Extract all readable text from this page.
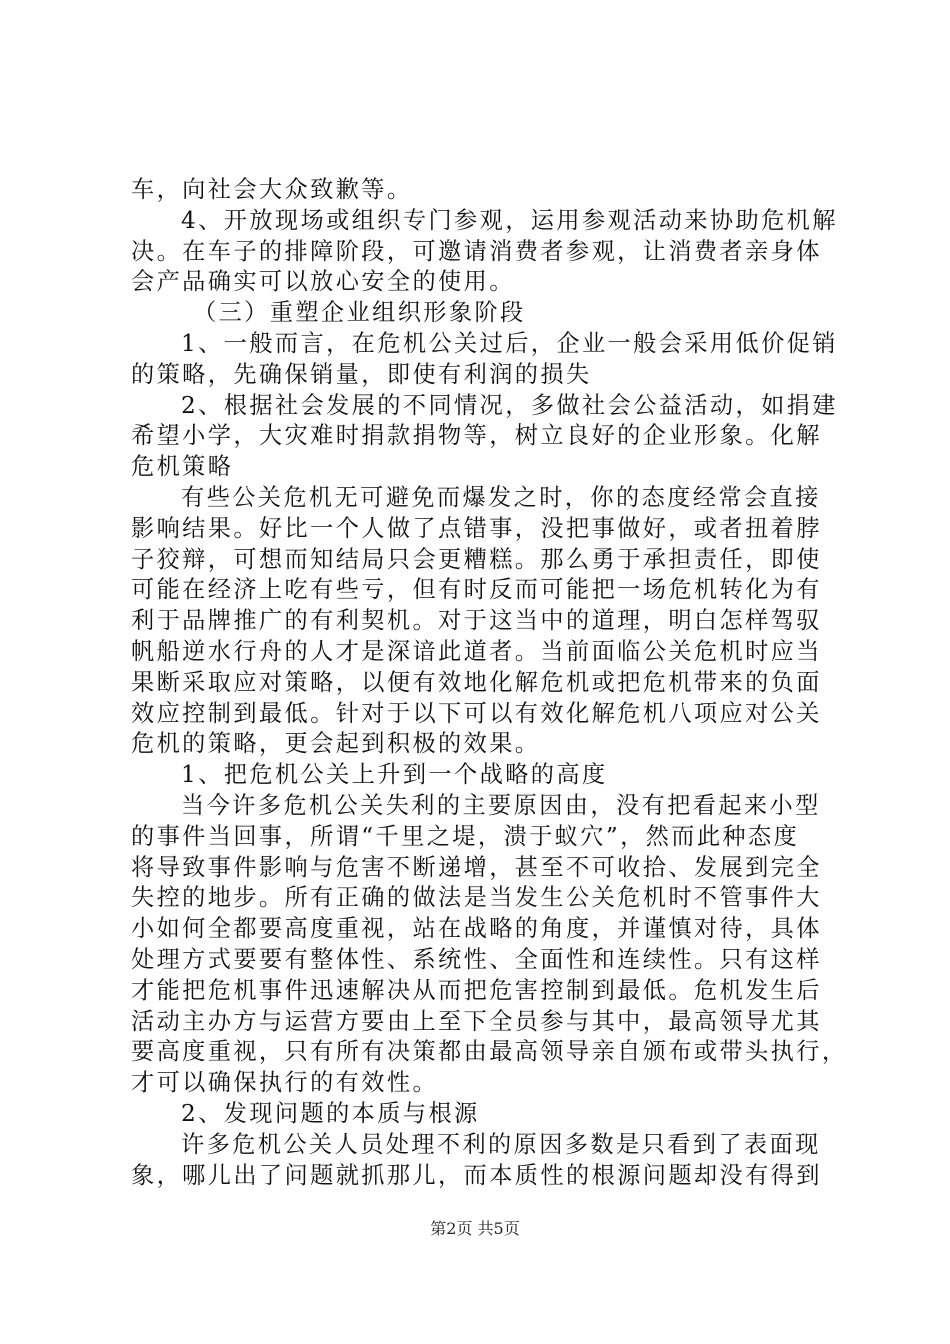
车，向社会大众致歉等。
4、开放现场或组织专门参观，运用参观活动来协助危机解
决。在车子的排障阶段，可邀请消费者参观，让消费者亲身体
会产品确实可以放心安全的使用。
（三）重塑企业组织形象阶段
1、一般而言，在危机公关过后，企业一般会采用低价促销
的策略，先确保销量，即使有利润的损失
2、根据社会发展的不同情况，多做社会公益活动，如捐建
希望小学，大灾难时捐款捐物等，树立良好的企业形象。化解
危机策略
有些公关危机无可避免而爆发之时，你的态度经常会直接
影响结果。好比一个人做了点错事，没把事做好，或者扭着脖
子狡辩，可想而知结局只会更糟糕。那么勇于承担责任，即使
可能在经济上吃有些亏，但有时反而可能把一场危机转化为有
利于品牌推广的有利契机。对于这当中的道理，明白怎样驾驭
帆船逆水行舟的人才是深谙此道者。当前面临公关危机时应当
果断采取应对策略，以便有效地化解危机或把危机带来的负面
效应控制到最低。针对于以下可以有效化解危机八项应对公关
危机的策略，更会起到积极的效果。
1、把危机公关上升到一个战略的高度
当今许多危机公关失利的主要原因由，没有把看起来小型
的事件当回事，所谓“千里之堤，溃于蚁穴”，然而此种态度
将导致事件影响与危害不断递增，甚至不可收拾、发展到完全
失控的地步。所有正确的做法是当发生公关危机时不管事件大
小如何全都要高度重视，站在战略的角度，并谨慎对待，具体
处理方式要要有整体性、系统性、全面性和连续性。只有这样
才能把危机事件迅速解决从而把危害控制到最低。危机发生后
活动主办方与运营方要由上至下全员参与其中，最高领导尤其
要高度重视，只有所有决策都由最高领导亲自颁布或带头执行，
才可以确保执行的有效性。
2、发现问题的本质与根源
许多危机公关人员处理不利的原因多数是只看到了表面现
象，哪儿出了问题就抓那儿，而本质性的根源问题却没有得到
第2页 共5页
